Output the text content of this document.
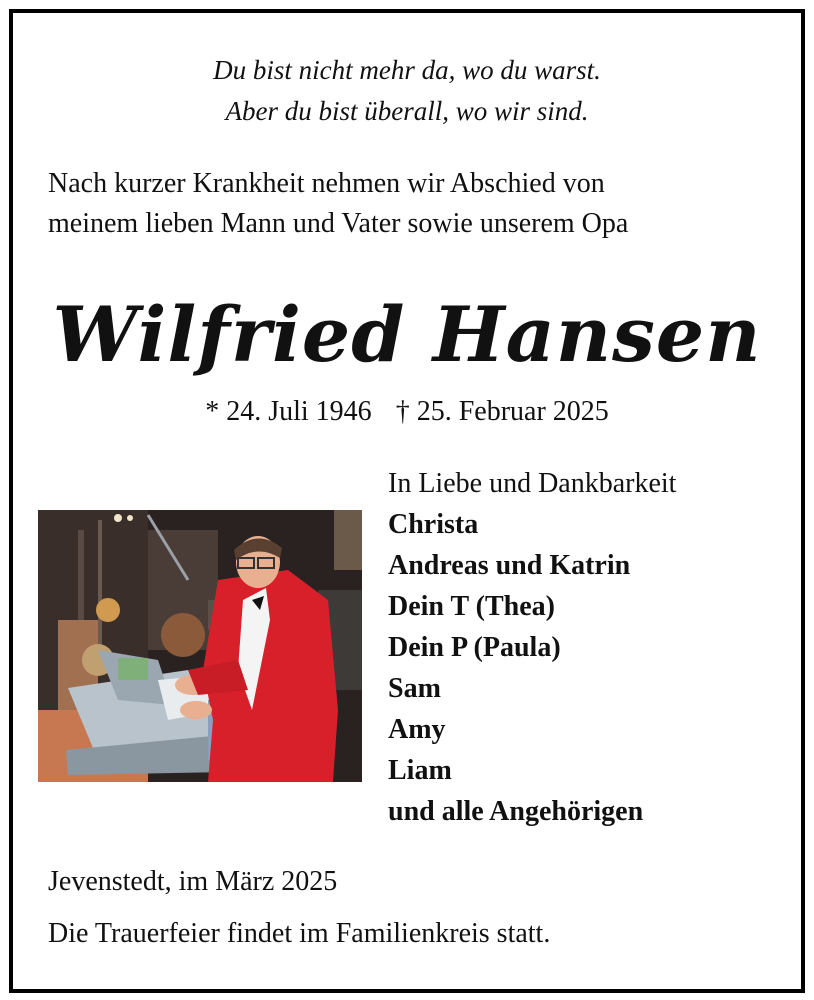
Du bist nicht mehr da, wo du warst.
Aber du bist überall, wo wir sind.
Nach kurzer Krankheit nehmen wir Abschied von
meinem lieben Mann und Vater sowie unserem Opa
Wilfried Hansen
* 24. Juli 1946 † 25. Februar 2025
In Liebe und Dankbarkeit
Christa
Andreas und Katrin
Dein T (Thea)
Dein P (Paula)
Sam
Amy
Liam
und alle Angehörigen
Jevenstedt, im März 2025
Die Trauerfeier findet im Familienkreis statt.
